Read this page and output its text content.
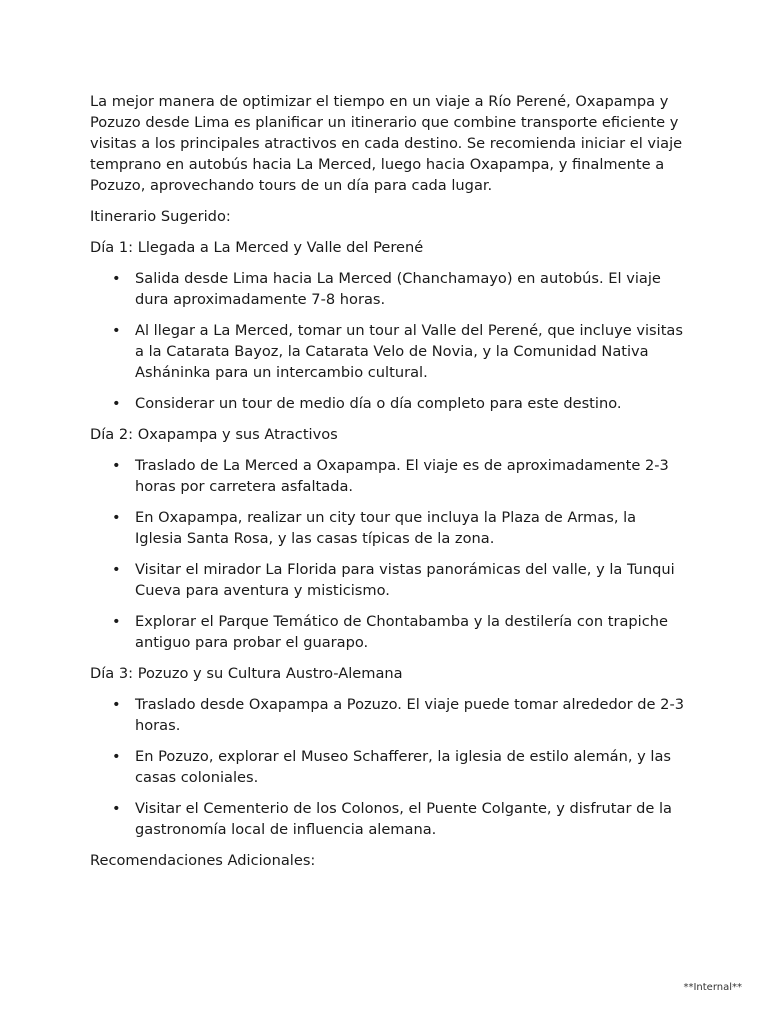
La mejor manera de optimizar el tiempo en un viaje a Río Perené, Oxapampa y Pozuzo desde Lima es planificar un itinerario que combine transporte eficiente y visitas a los principales atractivos en cada destino. Se recomienda iniciar el viaje temprano en autobús hacia La Merced, luego hacia Oxapampa, y finalmente a Pozuzo, aprovechando tours de un día para cada lugar.

Itinerario Sugerido:

Día 1: Llegada a La Merced y Valle del Perené

• Salida desde Lima hacia La Merced (Chanchamayo) en autobús. El viaje dura aproximadamente 7-8 horas.
• Al llegar a La Merced, tomar un tour al Valle del Perené, que incluye visitas a la Catarata Bayoz, la Catarata Velo de Novia, y la Comunidad Nativa Asháninka para un intercambio cultural.
• Considerar un tour de medio día o día completo para este destino.

Día 2: Oxapampa y sus Atractivos

• Traslado de La Merced a Oxapampa. El viaje es de aproximadamente 2-3 horas por carretera asfaltada.
• En Oxapampa, realizar un city tour que incluya la Plaza de Armas, la Iglesia Santa Rosa, y las casas típicas de la zona.
• Visitar el mirador La Florida para vistas panorámicas del valle, y la Tunqui Cueva para aventura y misticismo.
• Explorar el Parque Temático de Chontabamba y la destilería con trapiche antiguo para probar el guarapo.

Día 3: Pozuzo y su Cultura Austro-Alemana

• Traslado desde Oxapampa a Pozuzo. El viaje puede tomar alrededor de 2-3 horas.
• En Pozuzo, explorar el Museo Schafferer, la iglesia de estilo alemán, y las casas coloniales.
• Visitar el Cementerio de los Colonos, el Puente Colgante, y disfrutar de la gastronomía local de influencia alemana.

Recomendaciones Adicionales:

**Internal**
